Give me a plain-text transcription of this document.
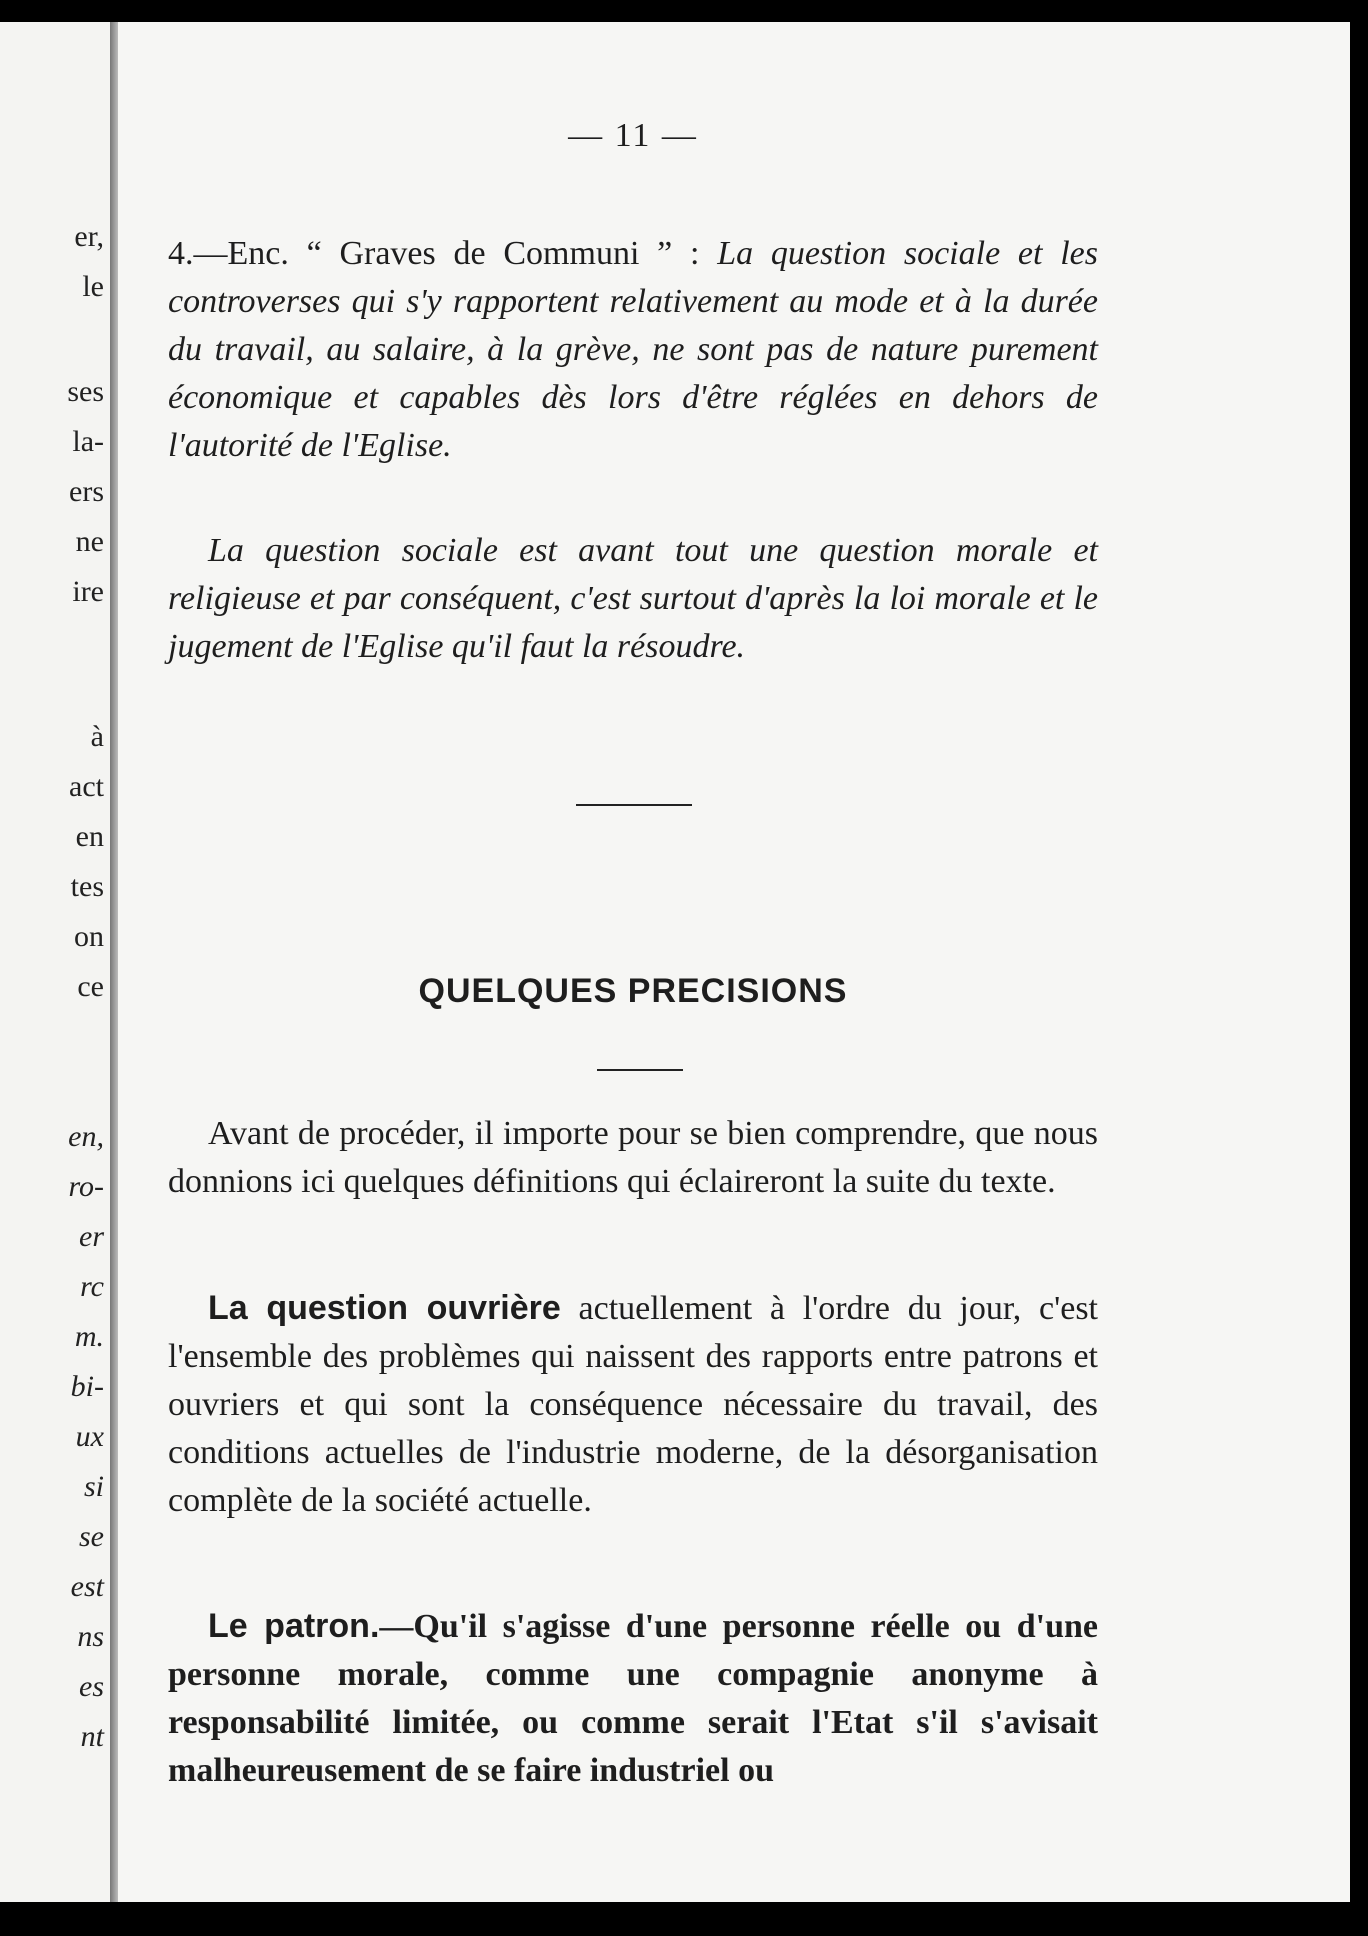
er,
le
ses
la-
ers
ne
ire
à
act
en
tes
on
ce
en,
ro-
er
rc
m.
bi-
ux
si
se
est
ns
es
nt
— 11 —
4.—Enc. “ Graves de Communi ” : La question sociale et les controverses qui s'y rapportent relativement au mode et à la durée du travail, au salaire, à la grève, ne sont pas de nature purement économique et capables dès lors d'être réglées en dehors de l'autorité de l'Eglise.
La question sociale est avant tout une question morale et religieuse et par conséquent, c'est surtout d'après la loi morale et le jugement de l'Eglise qu'il faut la résoudre.
QUELQUES PRECISIONS
Avant de procéder, il importe pour se bien comprendre, que nous donnions ici quelques définitions qui éclaireront la suite du texte.
La question ouvrière actuellement à l'ordre du jour, c'est l'ensemble des problèmes qui naissent des rapports entre patrons et ouvriers et qui sont la conséquence nécessaire du travail, des conditions actuelles de l'industrie moderne, de la désorganisation complète de la société actuelle.
Le patron.—Qu'il s'agisse d'une personne réelle ou d'une personne morale, comme une compagnie anonyme à responsabilité limitée, ou comme serait l'Etat s'il s'avisait malheureusement de se faire industriel ou
